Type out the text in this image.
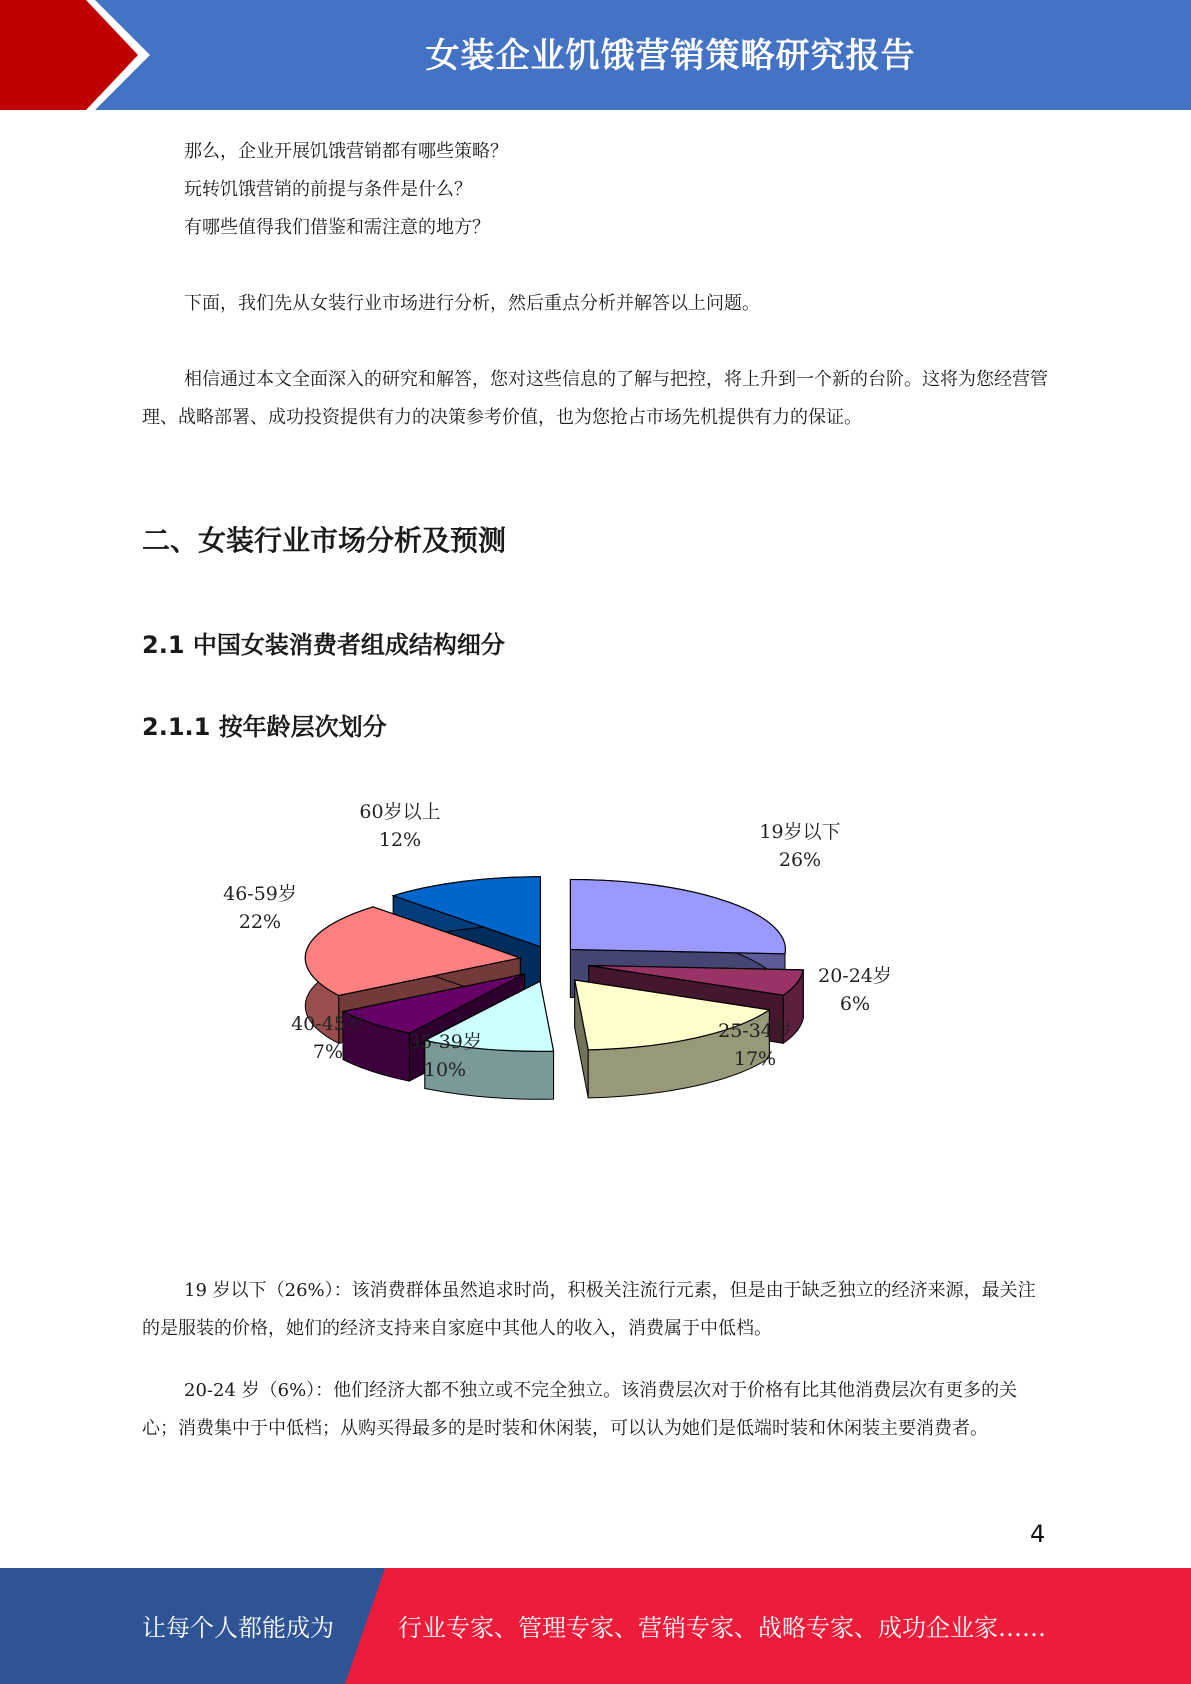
女装企业饥饿营销策略研究报告
那么，企业开展饥饿营销都有哪些策略？
玩转饥饿营销的前提与条件是什么？
有哪些值得我们借鉴和需注意的地方？

下面，我们先从女装行业市场进行分析，然后重点分析并解答以上问题。

相信通过本文全面深入的研究和解答，您对这些信息的了解与把控，将上升到一个新的台阶。这将为您经营管理、战略部署、成功投资提供有力的决策参考价值，也为您抢占市场先机提供有力的保证。

二、女装行业市场分析及预测
2.1 中国女装消费者组成结构细分
2.1.1 按年龄层次划分

19 岁以下（26%）：该消费群体虽然追求时尚，积极关注流行元素，但是由于缺乏独立的经济来源，最关注的是服装的价格，她们的经济支持来自家庭中其他人的收入，消费属于中低档。

20-24 岁（6%）：他们经济大都不独立或不完全独立。该消费层次对于价格有比其他消费层次有更多的关心；消费集中于中低档；从购买得最多的是时装和休闲装，可以认为她们是低端时装和休闲装主要消费者。

19岁以下
26%
20-24岁
6%
25-34岁
17%
35-39岁
10%
40-45岁
7%
46-59岁
22%
60岁以上
12%
4
让每个人都能成为	行业专家、管理专家、营销专家、战略专家、成功企业家……
